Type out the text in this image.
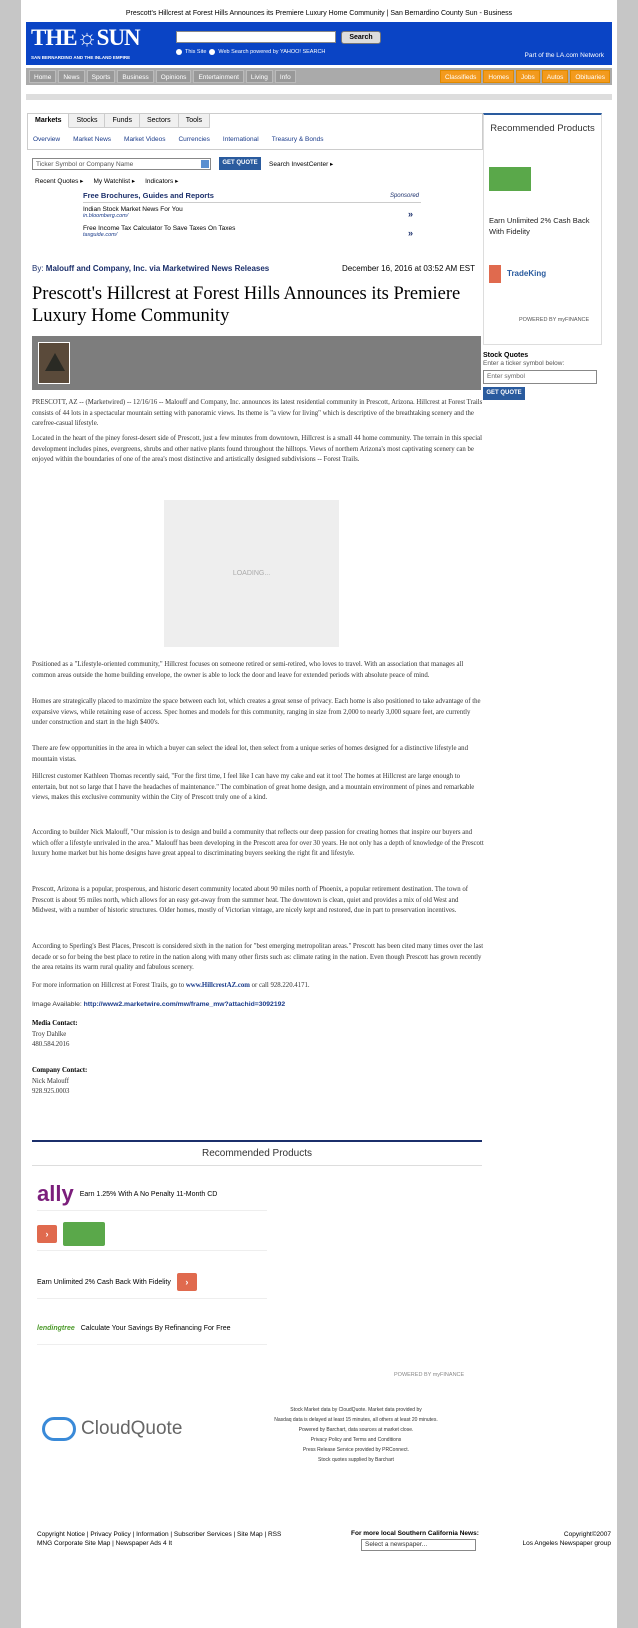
Prescott's Hillcrest at Forest Hills Announces its Premiere Luxury Home Community | San Bernardino County Sun - Business
THE☼SUN
SAN BERNARDINO AND THE INLAND EMPIRE
Search
This Site Web Search powered by YAHOO! SEARCH	Part of the LA.com Network
Home	News	Sports	Business	Opinions	Entertainment	Living	Info	Classifieds	Homes	Jobs	Autos	Obituaries
Markets	Stocks	Funds	Sectors	Tools
Overview Market News Market Videos Currencies International Treasury & Bonds
Ticker Symbol or Company Name	GET QUOTE	Search InvestCenter ▸
Recent Quotes ▸ My Watchlist ▸ Indicators ▸
Free Brochures, Guides and Reports	Sponsored
Indian Stock Market News For You
in.bloomberg.com/	»
Free Income Tax Calculator To Save Taxes On Taxes
taxguide.com/	»
By: Malouff and Company, Inc. via Marketwired News Releases	December 16, 2016 at 03:52 AM EST
Prescott's Hillcrest at Forest Hills Announces its Premiere Luxury Home Community
PRESCOTT, AZ -- (Marketwired) -- 12/16/16 -- Malouff and Company, Inc. announces its latest residential community in Prescott, Arizona. Hillcrest at Forest Trails consists of 44 lots in a spectacular mountain setting with panoramic views. Its theme is "a view for living" which is descriptive of the breathtaking scenery and the carefree-casual lifestyle.
Located in the heart of the piney forest-desert side of Prescott, just a few minutes from downtown, Hillcrest is a small 44 home community. The terrain in this special development includes pines, evergreens, shrubs and other native plants found throughout the hilltops. Views of northern Arizona's most captivating scenery can be enjoyed within the boundaries of one of the area's most distinctive and artistically designed subdivisions -- Forest Trails.
LOADING...
Positioned as a "Lifestyle-oriented community," Hillcrest focuses on someone retired or semi-retired, who loves to travel. With an association that manages all common areas outside the home building envelope, the owner is able to lock the door and leave for extended periods with absolute peace of mind.
Homes are strategically placed to maximize the space between each lot, which creates a great sense of privacy. Each home is also positioned to take advantage of the expansive views, while retaining ease of access. Spec homes and models for this community, ranging in size from 2,000 to nearly 3,000 square feet, are currently under construction and start in the high $400's.
There are few opportunities in the area in which a buyer can select the ideal lot, then select from a unique series of homes designed for a distinctive lifestyle and mountain vistas.
Hillcrest customer Kathleen Thomas recently said, "For the first time, I feel like I can have my cake and eat it too! The homes at Hillcrest are large enough to entertain, but not so large that I have the headaches of maintenance." The combination of great home design, and a mountain environment of pines and remarkable views, makes this exclusive community within the City of Prescott truly one of a kind.
According to builder Nick Malouff, "Our mission is to design and build a community that reflects our deep passion for creating homes that inspire our buyers and which offer a lifestyle unrivaled in the area." Malouff has been developing in the Prescott area for over 30 years. He not only has a depth of knowledge of the Prescott luxury home market but his home designs have great appeal to discriminating buyers seeking the right fit and lifestyle.
Prescott, Arizona is a popular, prosperous, and historic desert community located about 90 miles north of Phoenix, a popular retirement destination. The town of Prescott is about 95 miles north, which allows for an easy get-away from the summer heat. The downtown is clean, quiet and provides a mix of old West and Midwest, with a number of historic structures. Older homes, mostly of Victorian vintage, are nicely kept and restored, due in part to preservation incentives.
According to Sperling's Best Places, Prescott is considered sixth in the nation for "best emerging metropolitan areas." Prescott has been cited many times over the last decade or so for being the best place to retire in the nation along with many other firsts such as: climate rating in the nation. Even though Prescott has grown recently the area retains its warm rural quality and fabulous scenery.
For more information on Hillcrest at Forest Trails, go to www.HillcrestAZ.com or call 928.220.4171.
Image Available: http://www2.marketwire.com/mw/frame_mw?attachid=3092192
Media Contact:
Troy Dahlke
480.584.2016
Company Contact:
Nick Malouff
928.925.0003
Recommended Products
ally Earn 1.25% With A No Penalty 11-Month CD
›
Earn Unlimited 2% Cash Back With Fidelity	›
lendingtree Calculate Your Savings By Refinancing For Free
POWERED BY myFINANCE
CloudQuote
Stock Market data by CloudQuote. Market data provided by
Nasdaq data is delayed at least 15 minutes, all others at least 20 minutes.
Powered by Barchart, data sources at market close.
Privacy Policy and Terms and Conditions
Press Release Service provided by PRConnect.
Stock quotes supplied by Barchart
Recommended Products
Earn Unlimited 2% Cash Back With Fidelity
TradeKing
POWERED BY myFINANCE
Stock Quotes
Enter a ticker symbol below:
Enter symbol
GET QUOTE
Copyright Notice | Privacy Policy | Information | Subscriber Services | Site Map | RSS
MNG Corporate Site Map | Newspaper Ads 4 It
For more local Southern California News:
Select a newspaper...
Copyright©2007
Los Angeles Newspaper group
